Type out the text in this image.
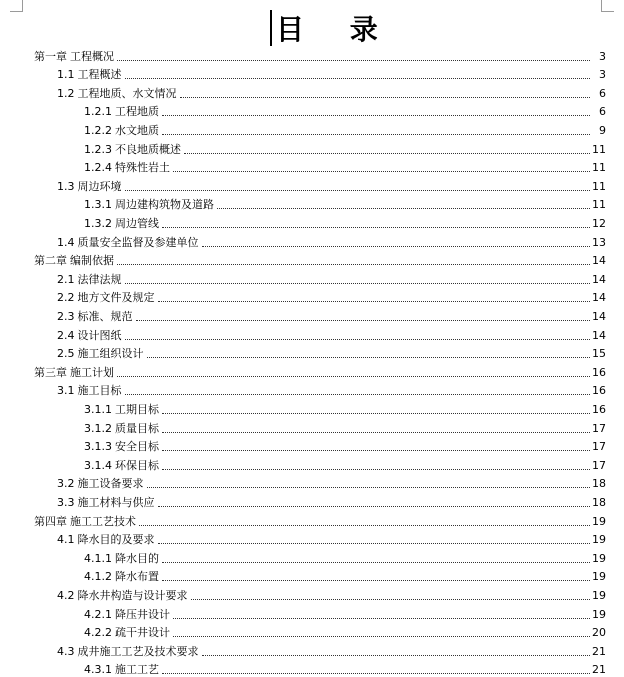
目 录
第一章 工程概况	3
1.1 工程概述	3
1.2 工程地质、水文情况	6
1.2.1 工程地质	6
1.2.2 水文地质	9
1.2.3 不良地质概述	11
1.2.4 特殊性岩土	11
1.3 周边环境	11
1.3.1 周边建构筑物及道路	11
1.3.2 周边管线	12
1.4 质量安全监督及参建单位	13
第二章 编制依据	14
2.1 法律法规	14
2.2 地方文件及规定	14
2.3 标准、规范	14
2.4 设计图纸	14
2.5 施工组织设计	15
第三章 施工计划	16
3.1 施工目标	16
3.1.1 工期目标	16
3.1.2 质量目标	17
3.1.3 安全目标	17
3.1.4 环保目标	17
3.2 施工设备要求	18
3.3 施工材料与供应	18
第四章 施工工艺技术	19
4.1 降水目的及要求	19
4.1.1 降水目的	19
4.1.2 降水布置	19
4.2 降水井构造与设计要求	19
4.2.1 降压井设计	19
4.2.2 疏干井设计	20
4.3 成井施工工艺及技术要求	21
4.3.1 施工工艺	21
